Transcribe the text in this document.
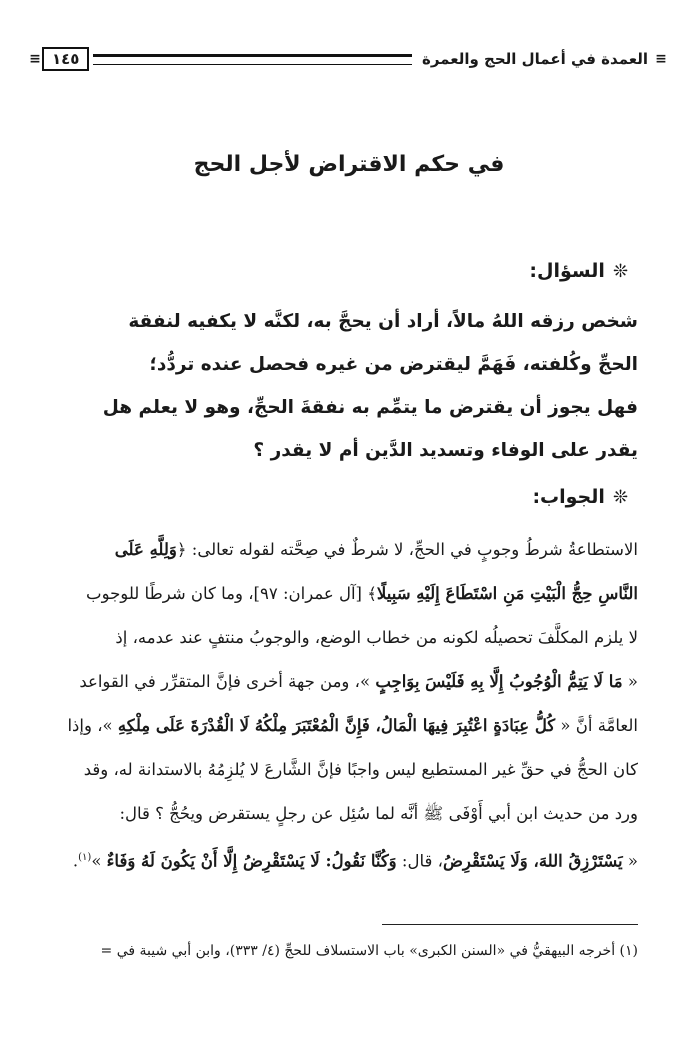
≡
العمدة في أعمال الحج والعمرة
١٤٥
≡
في حكم الاقتراض لأجل الحج
❊السؤال:
شخص رزقه اللهُ مالاً، أراد أن يحجَّ به، لكنَّه لا يكفيه لنفقة
الحجِّ وكُلفته، فَهَمَّ ليقترض من غيره فحصل عنده تردُّد؛
فهل يجوز أن يقترض ما يتمِّم به نفقةَ الحجِّ، وهو لا يعلم هل
يقدر على الوفاء وتسديد الدَّين أم لا يقدر ؟
❊الجواب:
الاستطاعةُ شرطُ وجوبٍ في الحجِّ، لا شرطٌ في صِحَّته لقوله تعالى: ﴿وَلِلَّهِ عَلَى
النَّاسِ حِجُّ الْبَيْتِ مَنِ اسْتَطَاعَ إِلَيْهِ سَبِيلًا﴾ [آل عمران: ٩٧]، وما كان شرطًا للوجوب
لا يلزم المكلَّفَ تحصيلُه لكونه من خطاب الوضع، والوجوبُ منتفٍ عند عدمه، إذ
« مَا لَا يَتِمُّ الْوُجُوبُ إِلَّا بِهِ فَلَيْسَ بِوَاجِبٍ »، ومن جهة أخرى فإنَّ المتقرِّر في القواعد
العامَّة أنَّ « كُلُّ عِبَادَةٍ اعْتُبِرَ فِيهَا الْمَالُ، فَإِنَّ الْمُعْتَبَرَ مِلْكُهُ لَا الْقُدْرَةَ عَلَى مِلْكِهِ »، وإذا
كان الحجُّ في حقِّ غير المستطيع ليس واجبًا فإنَّ الشَّارعَ لا يُلزِمُهُ بالاستدانة له، وقد
ورد من حديث ابن أبي أَوْفَى ﷺ أنَّه لما سُئِل عن رجلٍ يستقرض ويحُجُّ ؟ قال:
« يَسْتَرْزِقُ اللهَ، وَلَا يَسْتَقْرِضُ، قال: وَكُنَّا نَقُولُ: لَا يَسْتَقْرِضُ إِلَّا أَنْ يَكُونَ لَهُ وَفَاءٌ »$^{(١)}$.
(١) أخرجه البيهقيُّ في «السنن الكبرى» باب الاستسلاف للحجِّ (٤/ ٣٣٣)، وابن أبي شيبة في =
